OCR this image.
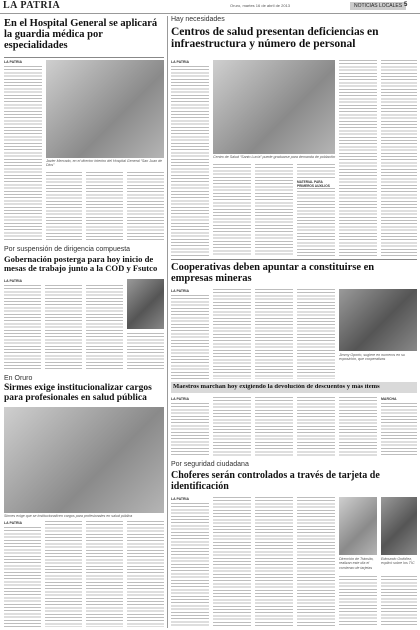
LA PATRIA	Oruro, martes 16 de abril de 2013	NOTICIAS LOCALES 5
En el Hospital General se aplicará la guardia médica por especialidades
LA PATRIA
Javier Mercado, en el director interino del Hospital General “San Juan de Dios”
Por suspensión de dirigencia compuesta
Gobernación posterga para hoy inicio de mesas de trabajo junto a la COD y Fsutco
LA PATRIA
En Oruro
Sirmes exige institucionalizar cargos para profesionales en salud pública
Sirmes exige que se institucionalicen cargos para profesionales en salud pública
LA PATRIA
Hay necesidades
Centros de salud presentan deficiencias en infraestructura y número de personal
LA PATRIA
Centro de Salud “Santo Lucía” puede graduarse para demanda de población
MATERIAL PARA PRIMEROS AUXILIOS
Cooperativas deben apuntar a constituirse en empresas mineras
LA PATRIA
Jimmy Oporto, sugiere en numeros en su exposición, que cooperativas
Maestros marchan hoy exigiendo la devolución de descuentos y más ítems
LA PATRIA	MARCHA
Por seguridad ciudadana
Choferes serán controlados a través de tarjeta de identificación
LA PATRIA
Dirección de Tránsito, realizan este día el comienzo de tarjetas
Edmundo Ordóñez, explicó sobre los TIC
